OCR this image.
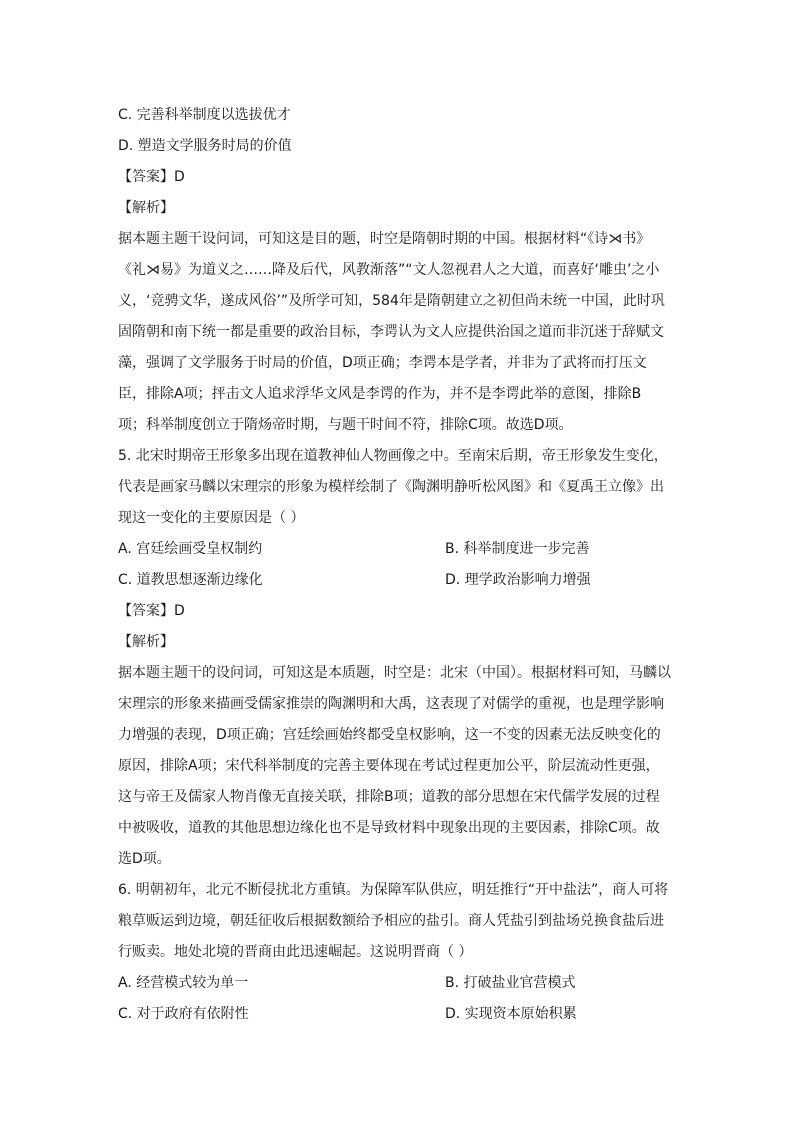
C. 完善科举制度以选拔优才
D. 塑造文学服务时局的价值
【答案】D
【解析】
据本题主题干设问词，可知这是目的题，时空是隋朝时期的中国。根据材料“《诗⋊书》
《礼⋊易》为道义之……降及后代，风教渐落”“文人忽视君人之大道，而喜好‘雕虫’之小
义，‘竞骋文华，遂成风俗’”及所学可知，584年是隋朝建立之初但尚未统一中国，此时巩
固隋朝和南下统一都是重要的政治目标，李谔认为文人应提供治国之道而非沉迷于辞赋文
藻，强调了文学服务于时局的价值，D项正确；李谔本是学者，并非为了武将而打压文
臣，排除A项；抨击文人追求浮华文风是李谔的作为，并不是李谔此举的意图，排除B
项；科举制度创立于隋炀帝时期，与题干时间不符，排除C项。故选D项。
5. 北宋时期帝王形象多出现在道教神仙人物画像之中。至南宋后期，帝王形象发生变化，
代表是画家马麟以宋理宗的形象为模样绘制了《陶渊明静听松风图》和《夏禹王立像》出
现这一变化的主要原因是（ ）
A. 宫廷绘画受皇权制约	B. 科举制度进一步完善
C. 道教思想逐渐边缘化	D. 理学政治影响力增强
【答案】D
【解析】
据本题主题干的设问词，可知这是本质题，时空是：北宋（中国）。根据材料可知，马麟以
宋理宗的形象来描画受儒家推崇的陶渊明和大禹，这表现了对儒学的重视，也是理学影响
力增强的表现，D项正确；宫廷绘画始终都受皇权影响，这一不变的因素无法反映变化的
原因，排除A项；宋代科举制度的完善主要体现在考试过程更加公平，阶层流动性更强，
这与帝王及儒家人物肖像无直接关联，排除B项；道教的部分思想在宋代儒学发展的过程
中被吸收，道教的其他思想边缘化也不是导致材料中现象出现的主要因素，排除C项。故
选D项。
6. 明朝初年，北元不断侵扰北方重镇。为保障军队供应，明廷推行“开中盐法”，商人可将
粮草贩运到边境，朝廷征收后根据数额给予相应的盐引。商人凭盐引到盐场兑换食盐后进
行贩卖。地处北境的晋商由此迅速崛起。这说明晋商（ ）
A. 经营模式较为单一	B. 打破盐业官营模式
C. 对于政府有依附性	D. 实现资本原始积累
